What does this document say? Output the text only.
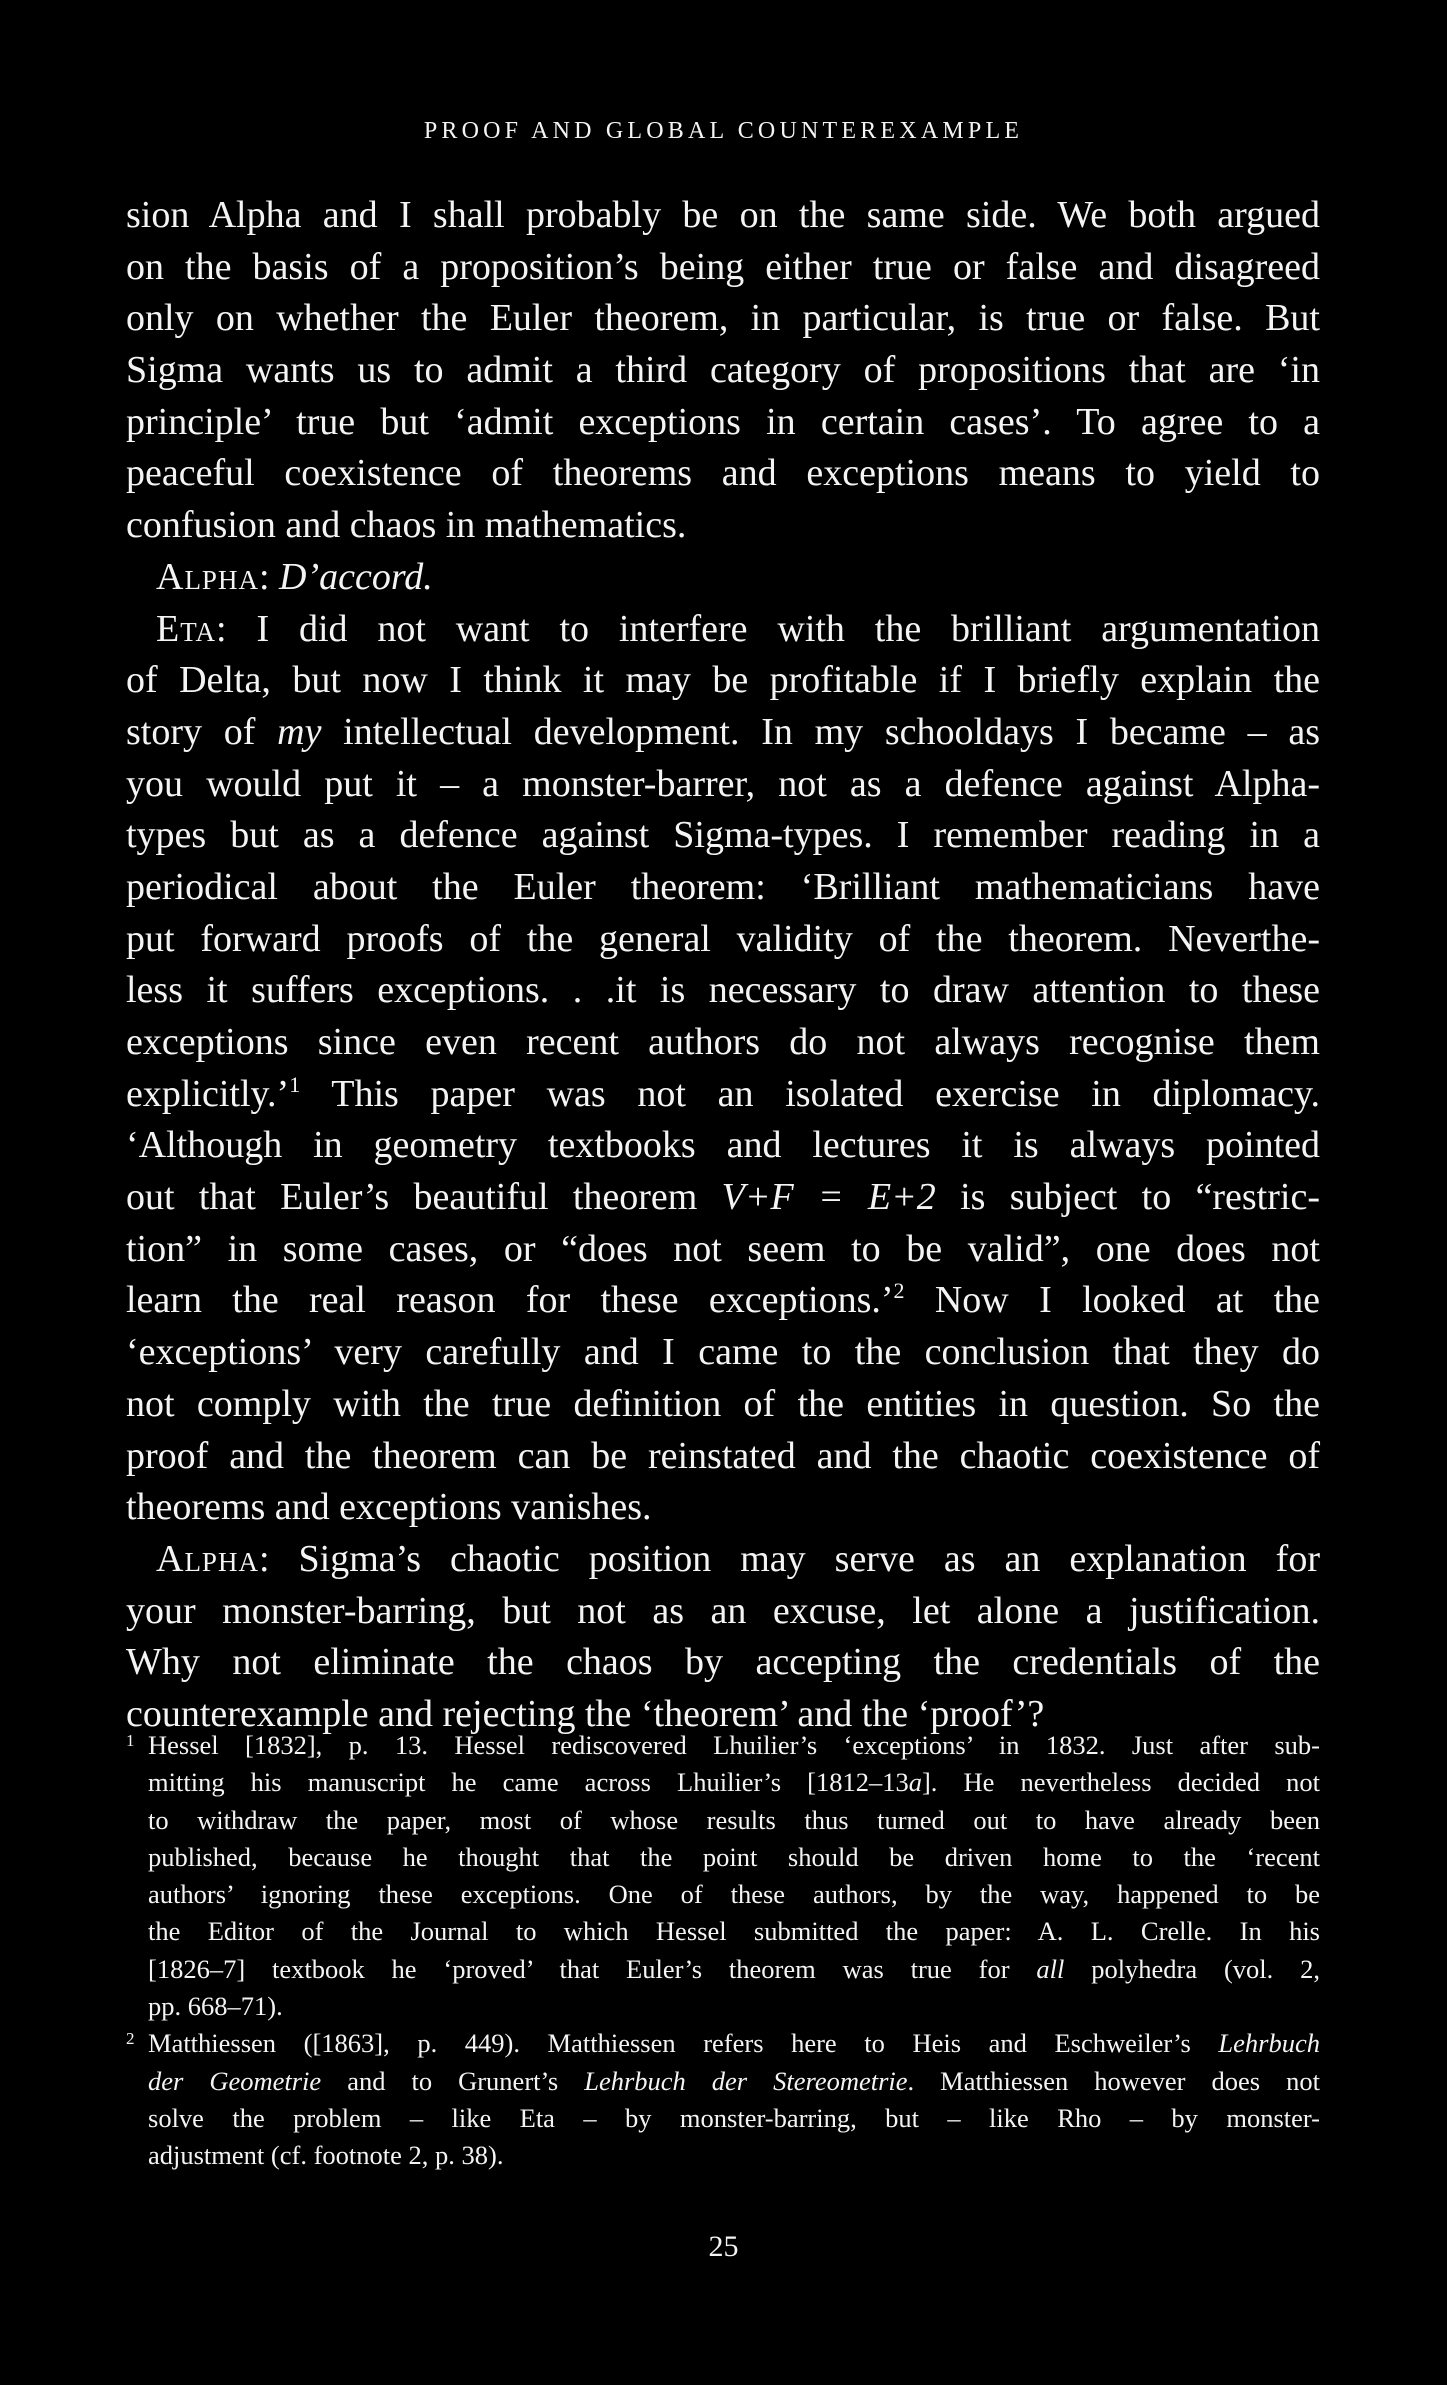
PROOF AND GLOBAL COUNTEREXAMPLE
sion Alpha and I shall probably be on the same side. We both argued
on the basis of a proposition’s being either true or false and disagreed
only on whether the Euler theorem, in particular, is true or false. But
Sigma wants us to admit a third category of propositions that are ‘in
principle’ true but ‘admit exceptions in certain cases’. To agree to a
peaceful coexistence of theorems and exceptions means to yield to
confusion and chaos in mathematics.
Alpha: D’accord.
Eta: I did not want to interfere with the brilliant argumentation
of Delta, but now I think it may be profitable if I briefly explain the
story of my intellectual development. In my schooldays I became – as
you would put it – a monster-barrer, not as a defence against Alpha-
types but as a defence against Sigma-types. I remember reading in a
periodical about the Euler theorem: ‘Brilliant mathematicians have
put forward proofs of the general validity of the theorem. Neverthe-
less it suffers exceptions. . .it is necessary to draw attention to these
exceptions since even recent authors do not always recognise them
explicitly.’$^1$ This paper was not an isolated exercise in diplomacy.
‘Although in geometry textbooks and lectures it is always pointed
out that Euler’s beautiful theorem V+F = E+2 is subject to “restric-
tion” in some cases, or “does not seem to be valid”, one does not
learn the real reason for these exceptions.’$^2$ Now I looked at the
‘exceptions’ very carefully and I came to the conclusion that they do
not comply with the true definition of the entities in question. So the
proof and the theorem can be reinstated and the chaotic coexistence of
theorems and exceptions vanishes.
Alpha: Sigma’s chaotic position may serve as an explanation for
your monster-barring, but not as an excuse, let alone a justification.
Why not eliminate the chaos by accepting the credentials of the
counterexample and rejecting the ‘theorem’ and the ‘proof’?
1 Hessel [1832], p. 13. Hessel rediscovered Lhuilier’s ‘exceptions’ in 1832. Just after sub-
mitting his manuscript he came across Lhuilier’s [1812–13a]. He nevertheless decided not
to withdraw the paper, most of whose results thus turned out to have already been
published, because he thought that the point should be driven home to the ‘recent
authors’ ignoring these exceptions. One of these authors, by the way, happened to be
the Editor of the Journal to which Hessel submitted the paper: A. L. Crelle. In his
[1826–7] textbook he ‘proved’ that Euler’s theorem was true for all polyhedra (vol. 2,
pp. 668–71).
2 Matthiessen ([1863], p. 449). Matthiessen refers here to Heis and Eschweiler’s Lehrbuch
der Geometrie and to Grunert’s Lehrbuch der Stereometrie. Matthiessen however does not
solve the problem – like Eta – by monster-barring, but – like Rho – by monster-
adjustment (cf. footnote 2, p. 38).
25
